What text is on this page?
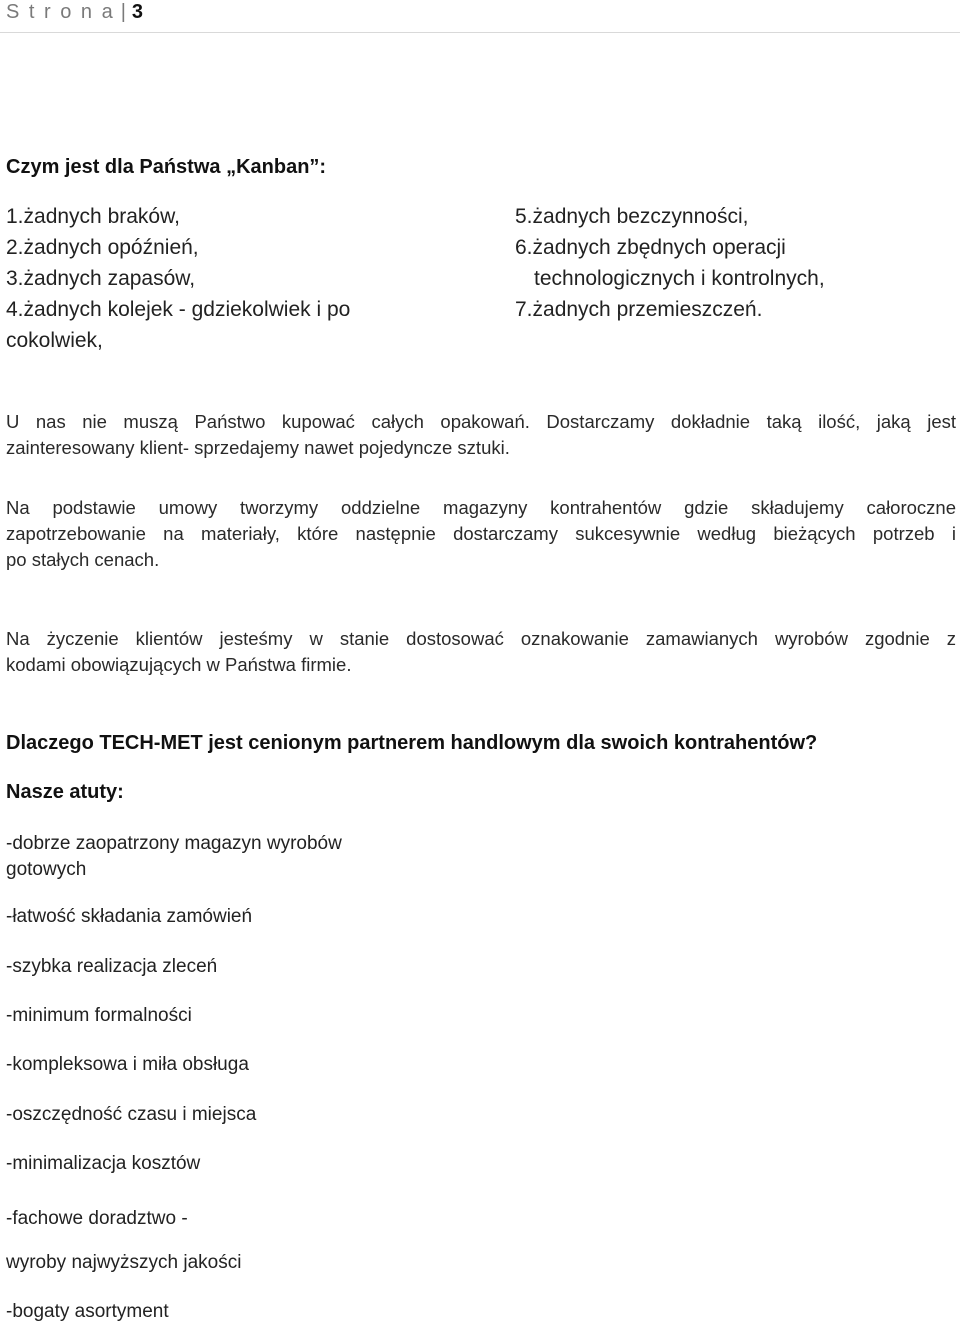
S t r o n a | 3
Czym jest dla Państwa „Kanban”:
1.żadnych braków,
2.żadnych opóźnień,
3.żadnych zapasów,
4.żadnych kolejek - gdziekolwiek i po
cokolwiek,
5.żadnych bezczynności,
6.żadnych zbędnych operacji
technologicznych i kontrolnych,
7.żadnych przemieszczeń.
U nas nie muszą Państwo kupować całych opakowań. Dostarczamy dokładnie taką ilość, jaką jest
zainteresowany klient- sprzedajemy nawet pojedyncze sztuki.
Na podstawie umowy tworzymy oddzielne magazyny kontrahentów gdzie składujemy całoroczne
zapotrzebowanie na materiały, które następnie dostarczamy sukcesywnie według bieżących potrzeb i
po stałych cenach.
Na życzenie klientów jesteśmy w stanie dostosować oznakowanie zamawianych wyrobów zgodnie z
kodami obowiązujących w Państwa firmie.
Dlaczego TECH-MET jest cenionym partnerem handlowym dla swoich kontrahentów?
Nasze atuty:
-dobrze zaopatrzony magazyn wyrobów
gotowych
-łatwość składania zamówień
-szybka realizacja zleceń
-minimum formalności
-kompleksowa i miła obsługa
-oszczędność czasu i miejsca
-minimalizacja kosztów
-fachowe doradztwo -
wyroby najwyższych jakości
-bogaty asortyment
